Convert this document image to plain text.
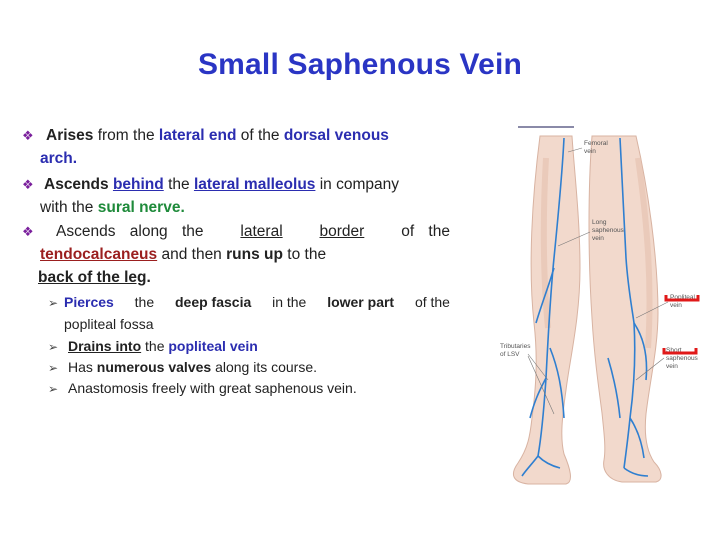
Small Saphenous Vein
❖ Arises from the lateral end of the dorsal venous
arch.
❖ Ascends behind the lateral malleolus in company
with the sural nerve.
❖ Ascends along the lateral border of the
tendocalcaneus and then runs up to the
back of the leg.
➢ Pierces the deep fascia in the lower part of the
popliteal fossa
➢ Drains into the popliteal vein
➢ Has numerous valves along its course.
➢ Anastomosis freely with great saphenous vein.
Femoral
vein
Long
saphenous
vein
Popliteal
vein
Tributaries
of LSV
Short
saphenous
vein
